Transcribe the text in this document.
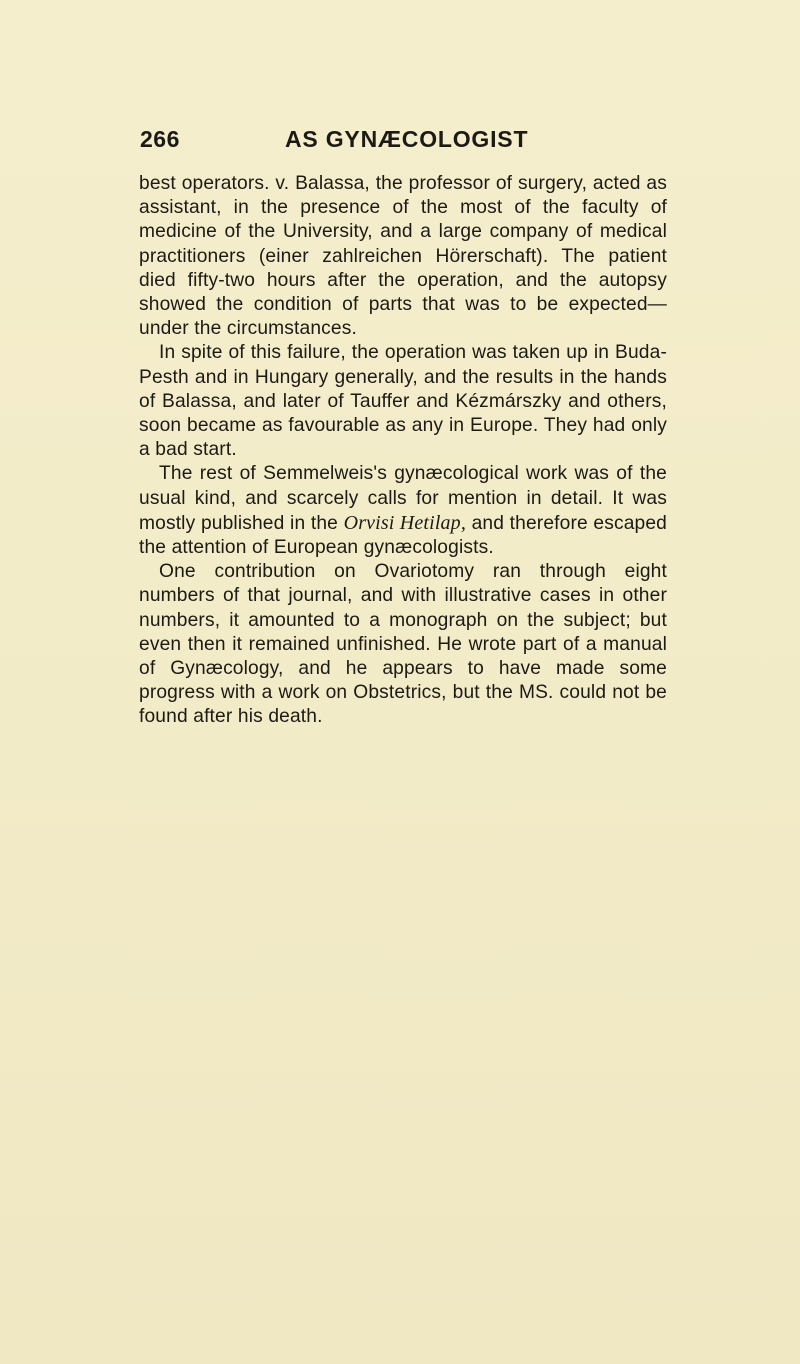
266	AS GYNÆCOLOGIST

best operators. v. Balassa, the professor of surgery, acted as assistant, in the presence of the most of the faculty of medicine of the University, and a large company of medical practitioners (einer zahlreichen Hörerschaft). The patient died fifty-two hours after the operation, and the autopsy showed the condition of parts that was to be expected—under the circumstances.

In spite of this failure, the operation was taken up in Buda-Pesth and in Hungary generally, and the results in the hands of Balassa, and later of Tauffer and Kézmárszky and others, soon became as favourable as any in Europe. They had only a bad start.

The rest of Semmelweis's gynæcological work was of the usual kind, and scarcely calls for mention in detail. It was mostly published in the Orvisi Hetilap, and therefore escaped the attention of European gynæcologists.

One contribution on Ovariotomy ran through eight numbers of that journal, and with illustrative cases in other numbers, it amounted to a monograph on the subject; but even then it remained unfinished. He wrote part of a manual of Gynæcology, and he appears to have made some progress with a work on Obstetrics, but the MS. could not be found after his death.
